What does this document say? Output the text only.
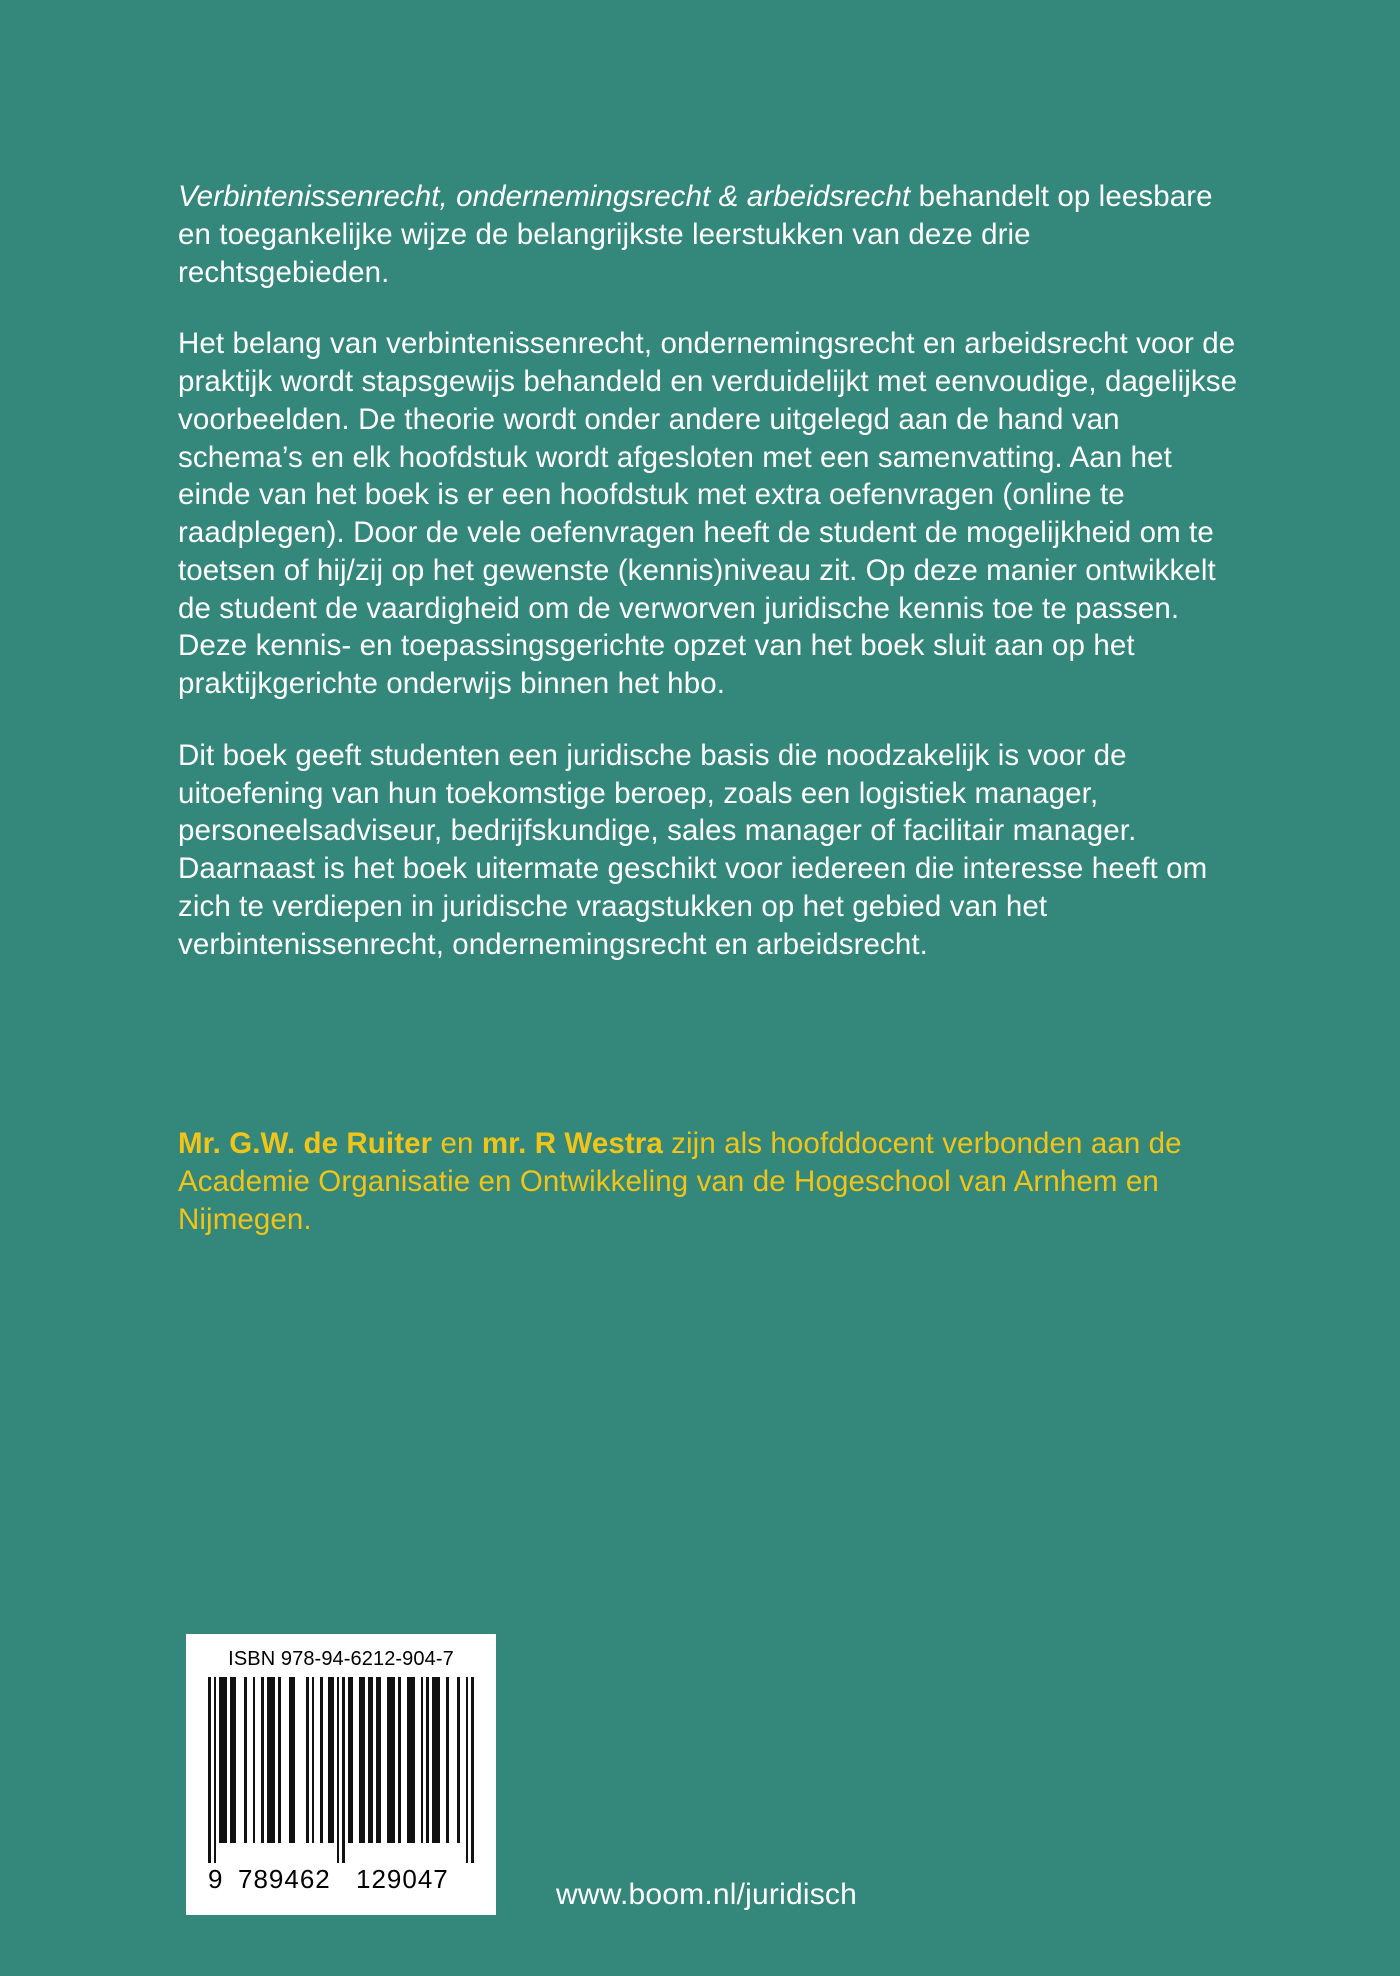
Verbintenissenrecht, ondernemingsrecht & arbeidsrecht behandelt op leesbare en toegankelijke wijze de belangrijkste leerstukken van deze drie rechtsgebieden.

Het belang van verbintenissenrecht, ondernemingsrecht en arbeidsrecht voor de praktijk wordt stapsgewijs behandeld en verduidelijkt met eenvoudige, dagelijkse voorbeelden. De theorie wordt onder andere uitgelegd aan de hand van schema’s en elk hoofdstuk wordt afgesloten met een samenvatting. Aan het einde van het boek is er een hoofdstuk met extra oefenvragen (online te raadplegen). Door de vele oefenvragen heeft de student de mogelijkheid om te toetsen of hij/zij op het gewenste (kennis)niveau zit. Op deze manier ontwikkelt de student de vaardigheid om de verworven juridische kennis toe te passen. Deze kennis- en toepassingsgerichte opzet van het boek sluit aan op het praktijkgerichte onderwijs binnen het hbo.

Dit boek geeft studenten een juridische basis die noodzakelijk is voor de uitoefening van hun toekomstige beroep, zoals een logistiek manager, personeelsadviseur, bedrijfskundige, sales manager of facilitair manager. Daarnaast is het boek uitermate geschikt voor iedereen die interesse heeft om zich te verdiepen in juridische vraagstukken op het gebied van het verbintenissenrecht, ondernemingsrecht en arbeidsrecht.

Mr. G.W. de Ruiter en mr. R Westra zijn als hoofddocent verbonden aan de Academie Organisatie en Ontwikkeling van de Hogeschool van Arnhem en Nijmegen.
ISBN 978-94-6212-904-7
9 789462 129047	www.boom.nl/juridisch
